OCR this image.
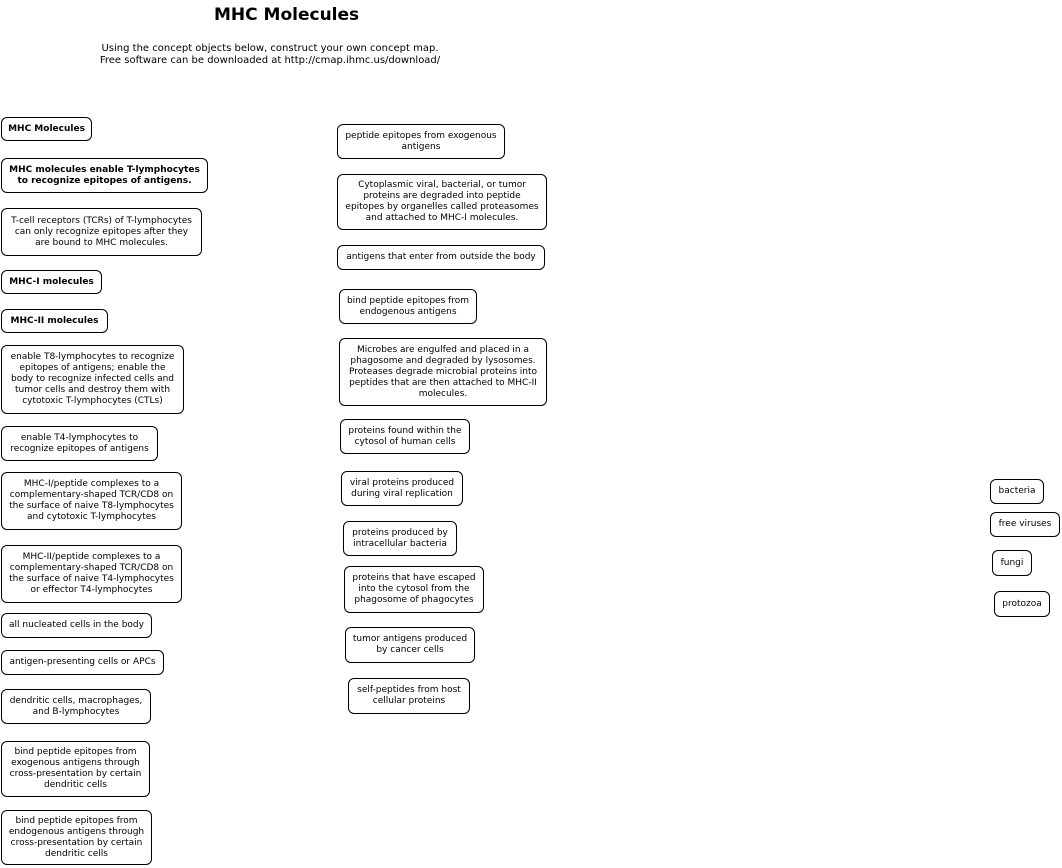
MHC Molecules
Using the concept objects below, construct your own concept map.
Free software can be downloaded at http://cmap.ihmc.us/download/
MHC Molecules
MHC molecules enable T-lymphocytes to recognize epitopes of antigens.
T-cell receptors (TCRs) of T-lymphocytes can only recognize epitopes after they are bound to MHC molecules.
MHC-I molecules
MHC-II molecules
enable T8-lymphocytes to recognize epitopes of antigens; enable the body to recognize infected cells and tumor cells and destroy them with cytotoxic T-lymphocytes (CTLs)
enable T4-lymphocytes to recognize epitopes of antigens
MHC-I/peptide complexes to a complementary-shaped TCR/CD8 on the surface of naive T8-lymphocytes and cytotoxic T-lymphocytes
MHC-II/peptide complexes to a complementary-shaped TCR/CD8 on the surface of naive T4-lymphocytes or effector T4-lymphocytes
all nucleated cells in the body
antigen-presenting cells or APCs
dendritic cells, macrophages, and B-lymphocytes
bind peptide epitopes from exogenous antigens through cross-presentation by certain dendritic cells
bind peptide epitopes from endogenous antigens through cross-presentation by certain dendritic cells
peptide epitopes from exogenous antigens
Cytoplasmic viral, bacterial, or tumor proteins are degraded into peptide epitopes by organelles called proteasomes and attached to MHC-I molecules.
antigens that enter from outside the body
bind peptide epitopes from endogenous antigens
Microbes are engulfed and placed in a phagosome and degraded by lysosomes. Proteases degrade microbial proteins into peptides that are then attached to MHC-II molecules.
proteins found within the cytosol of human cells
viral proteins produced during viral replication
proteins produced by intracellular bacteria
proteins that have escaped into the cytosol from the phagosome of phagocytes
tumor antigens produced by cancer cells
self-peptides from host cellular proteins
bacteria
free viruses
fungi
protozoa
